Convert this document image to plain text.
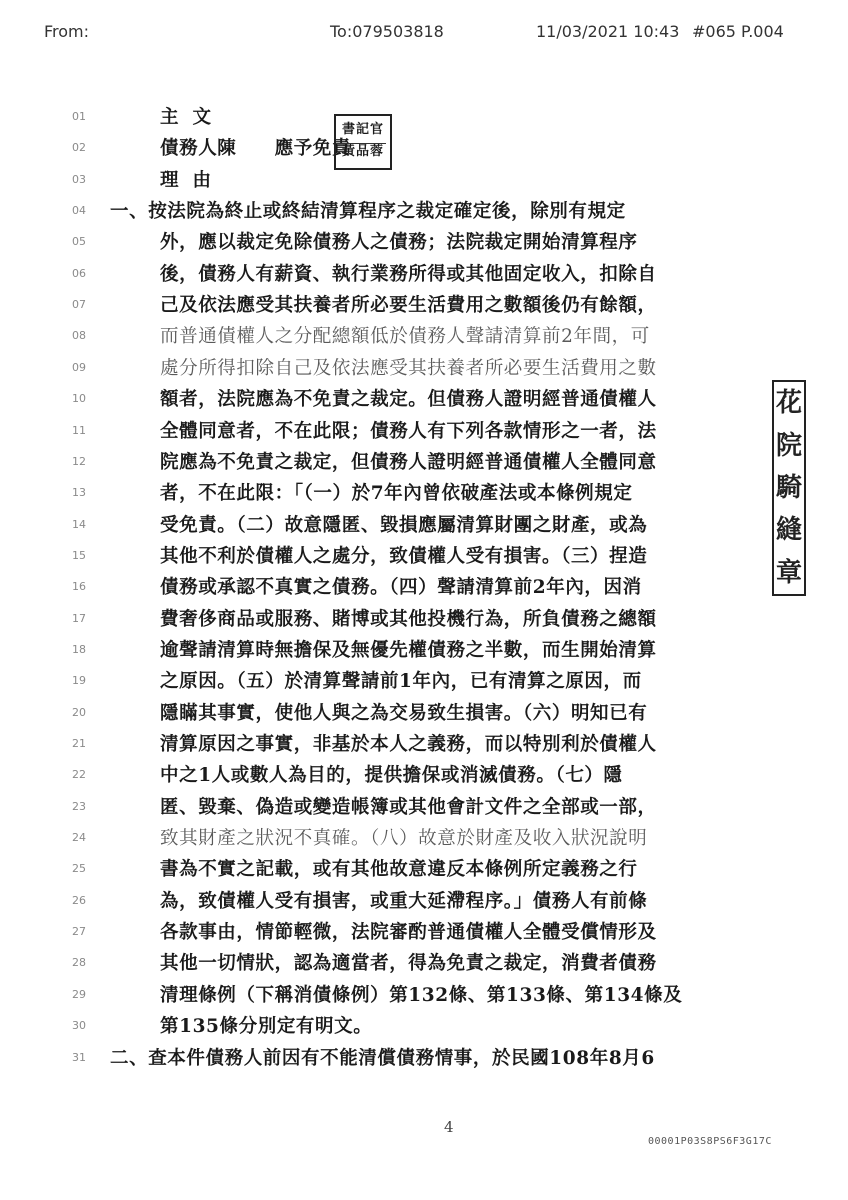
From:	To:079503818	11/03/2021 10:43 #065 P.004
01	主文
02	債務人陳　　應予免責
03	理由
04	一、按法院為終止或終結清算程序之裁定確定後，除別有規定
05	外，應以裁定免除債務人之債務；法院裁定開始清算程序
06	後，債務人有薪資、執行業務所得或其他固定收入，扣除自
07	己及依法應受其扶養者所必要生活費用之數額後仍有餘額，
08	而普通債權人之分配總額低於債務人聲請清算前2年間，可
09	處分所得扣除自己及依法應受其扶養者所必要生活費用之數
10	額者，法院應為不免責之裁定。但債務人證明經普通債權人
11	全體同意者，不在此限；債務人有下列各款情形之一者，法
12	院應為不免責之裁定，但債務人證明經普通債權人全體同意
13	者，不在此限：「（一）於7年內曾依破產法或本條例規定
14	受免責。（二）故意隱匿、毀損應屬清算財團之財產，或為
15	其他不利於債權人之處分，致債權人受有損害。（三）捏造
16	債務或承認不真實之債務。（四）聲請清算前2年內，因消
17	費奢侈商品或服務、賭博或其他投機行為，所負債務之總額
18	逾聲請清算時無擔保及無優先權債務之半數，而生開始清算
19	之原因。（五）於清算聲請前1年內，已有清算之原因，而
20	隱瞞其事實，使他人與之為交易致生損害。（六）明知已有
21	清算原因之事實，非基於本人之義務，而以特別利於債權人
22	中之1人或數人為目的，提供擔保或消滅債務。（七）隱
23	匿、毀棄、偽造或變造帳簿或其他會計文件之全部或一部，
24	致其財產之狀況不真確。（八）故意於財產及收入狀況說明
25	書為不實之記載，或有其他故意違反本條例所定義務之行
26	為，致債權人受有損害，或重大延滯程序。」債務人有前條
27	各款事由，情節輕微，法院審酌普通債權人全體受償情形及
28	其他一切情狀，認為適當者，得為免責之裁定，消費者債務
29	清理條例（下稱消債條例）第132條、第133條、第134條及
30	第135條分別定有明文。
31	二、查本件債務人前因有不能清償債務情事，於民國108年8月6
書記官
黃品蓉
花
院
騎
縫
章
4
00001P03S8PS6F3G17C
